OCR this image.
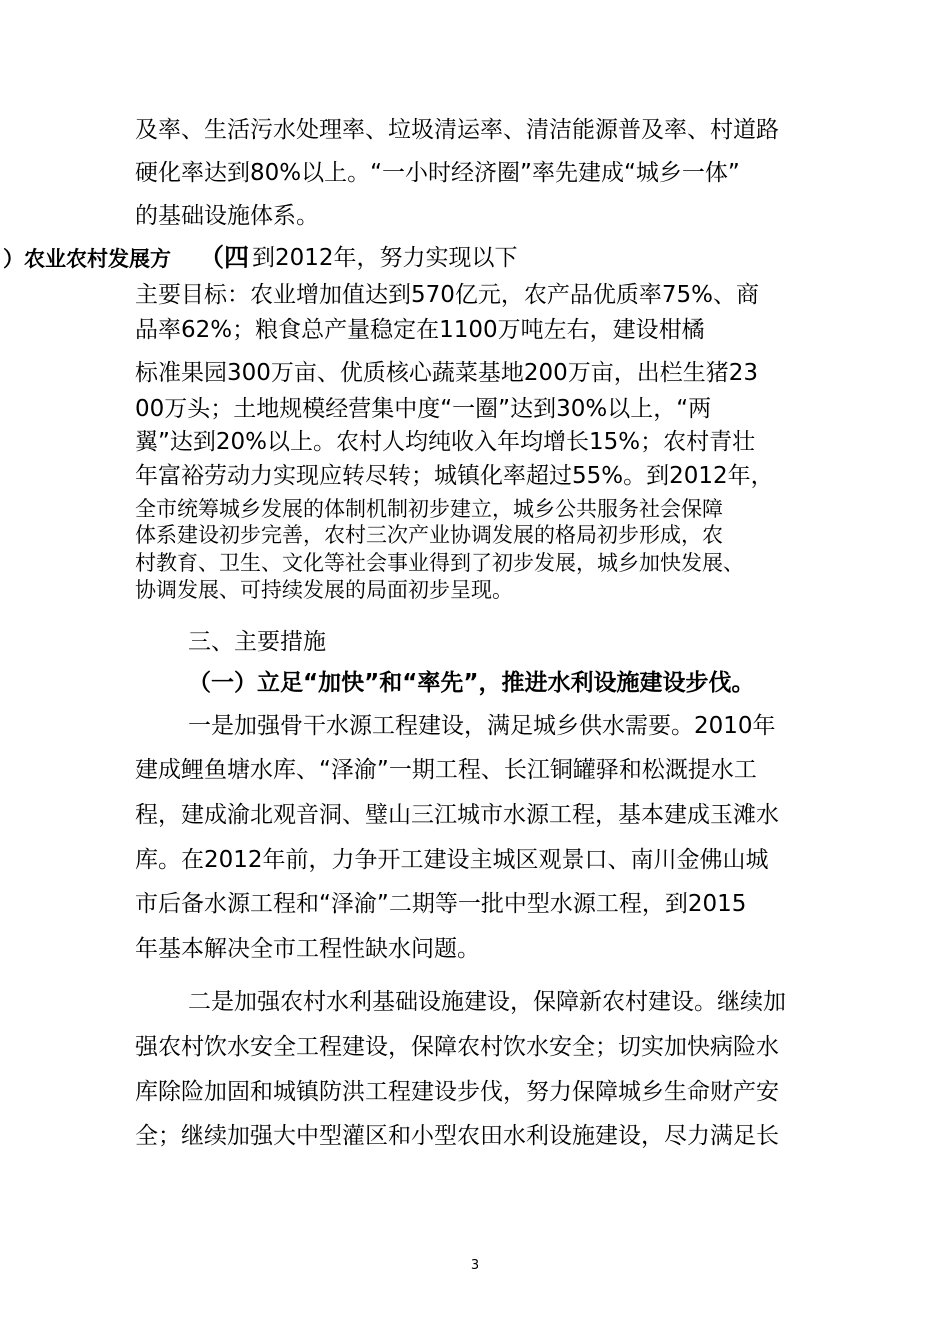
及率、生活污水处理率、垃圾清运率、清洁能源普及率、村道路
硬化率达到80%以上。“一小时经济圈”率先建成“城乡一体”
的基础设施体系。
）农业农村发展方 （四 到2012年，努力实现以下
主要目标：农业增加值达到570亿元，农产品优质率75%、商
品率62%；粮食总产量稳定在1100万吨左右，建设柑橘
标准果园300万亩、优质核心蔬菜基地200万亩，出栏生猪23
00万头；土地规模经营集中度“一圈”达到30%以上，“两
翼”达到20%以上。农村人均纯收入年均增长15%；农村青壮
年富裕劳动力实现应转尽转；城镇化率超过55%。到2012年，
全市统筹城乡发展的体制机制初步建立，城乡公共服务社会保障
体系建设初步完善，农村三次产业协调发展的格局初步形成，农
村教育、卫生、文化等社会事业得到了初步发展，城乡加快发展、
协调发展、可持续发展的局面初步呈现。
三、主要措施
（一）立足“加快”和“率先”，推进水利设施建设步伐。
一是加强骨干水源工程建设，满足城乡供水需要。2010年
建成鲤鱼塘水库、“泽渝”一期工程、长江铜罐驿和松溉提水工
程，建成渝北观音洞、璧山三江城市水源工程，基本建成玉滩水
库。在2012年前，力争开工建设主城区观景口、南川金佛山城
市后备水源工程和“泽渝”二期等一批中型水源工程，到2015
年基本解决全市工程性缺水问题。
二是加强农村水利基础设施建设，保障新农村建设。继续加
强农村饮水安全工程建设，保障农村饮水安全；切实加快病险水
库除险加固和城镇防洪工程建设步伐，努力保障城乡生命财产安
全；继续加强大中型灌区和小型农田水利设施建设，尽力满足长
3
